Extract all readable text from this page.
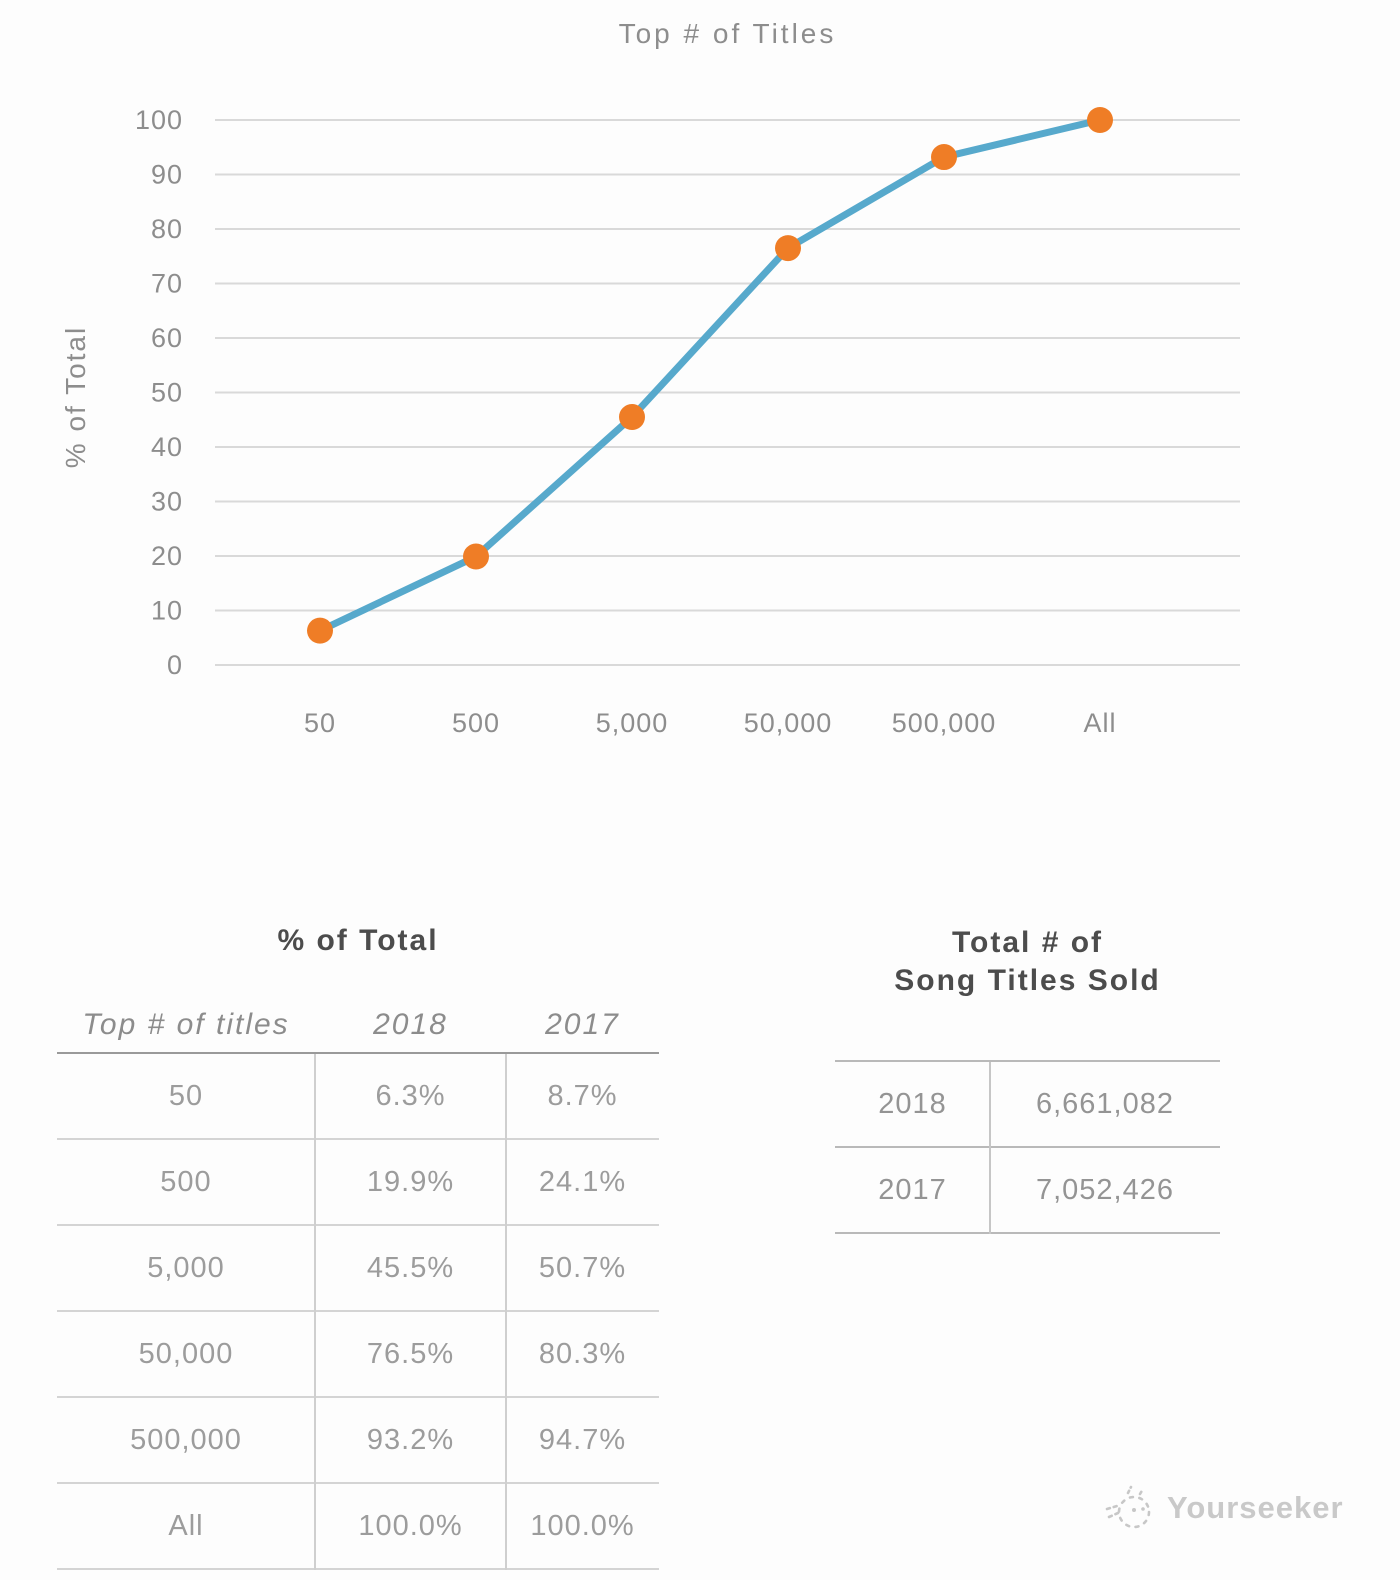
Top # of Titles
0
10
20
30
40
50
60
70
80
90
100
50	500	5,000	50,000 500,000	All
% of Total
% of Total
Top # of titles	2018	2017
50	6.3%	8.7%
500	19.9%	24.1%
5,000	45.5%	50.7%
50,000	76.5%	80.3%
500,000	93.2%	94.7%
All	100.0%	100.0%
Total # of
Song Titles Sold
2018	6,661,082
2017	7,052,426
Yourseeker
